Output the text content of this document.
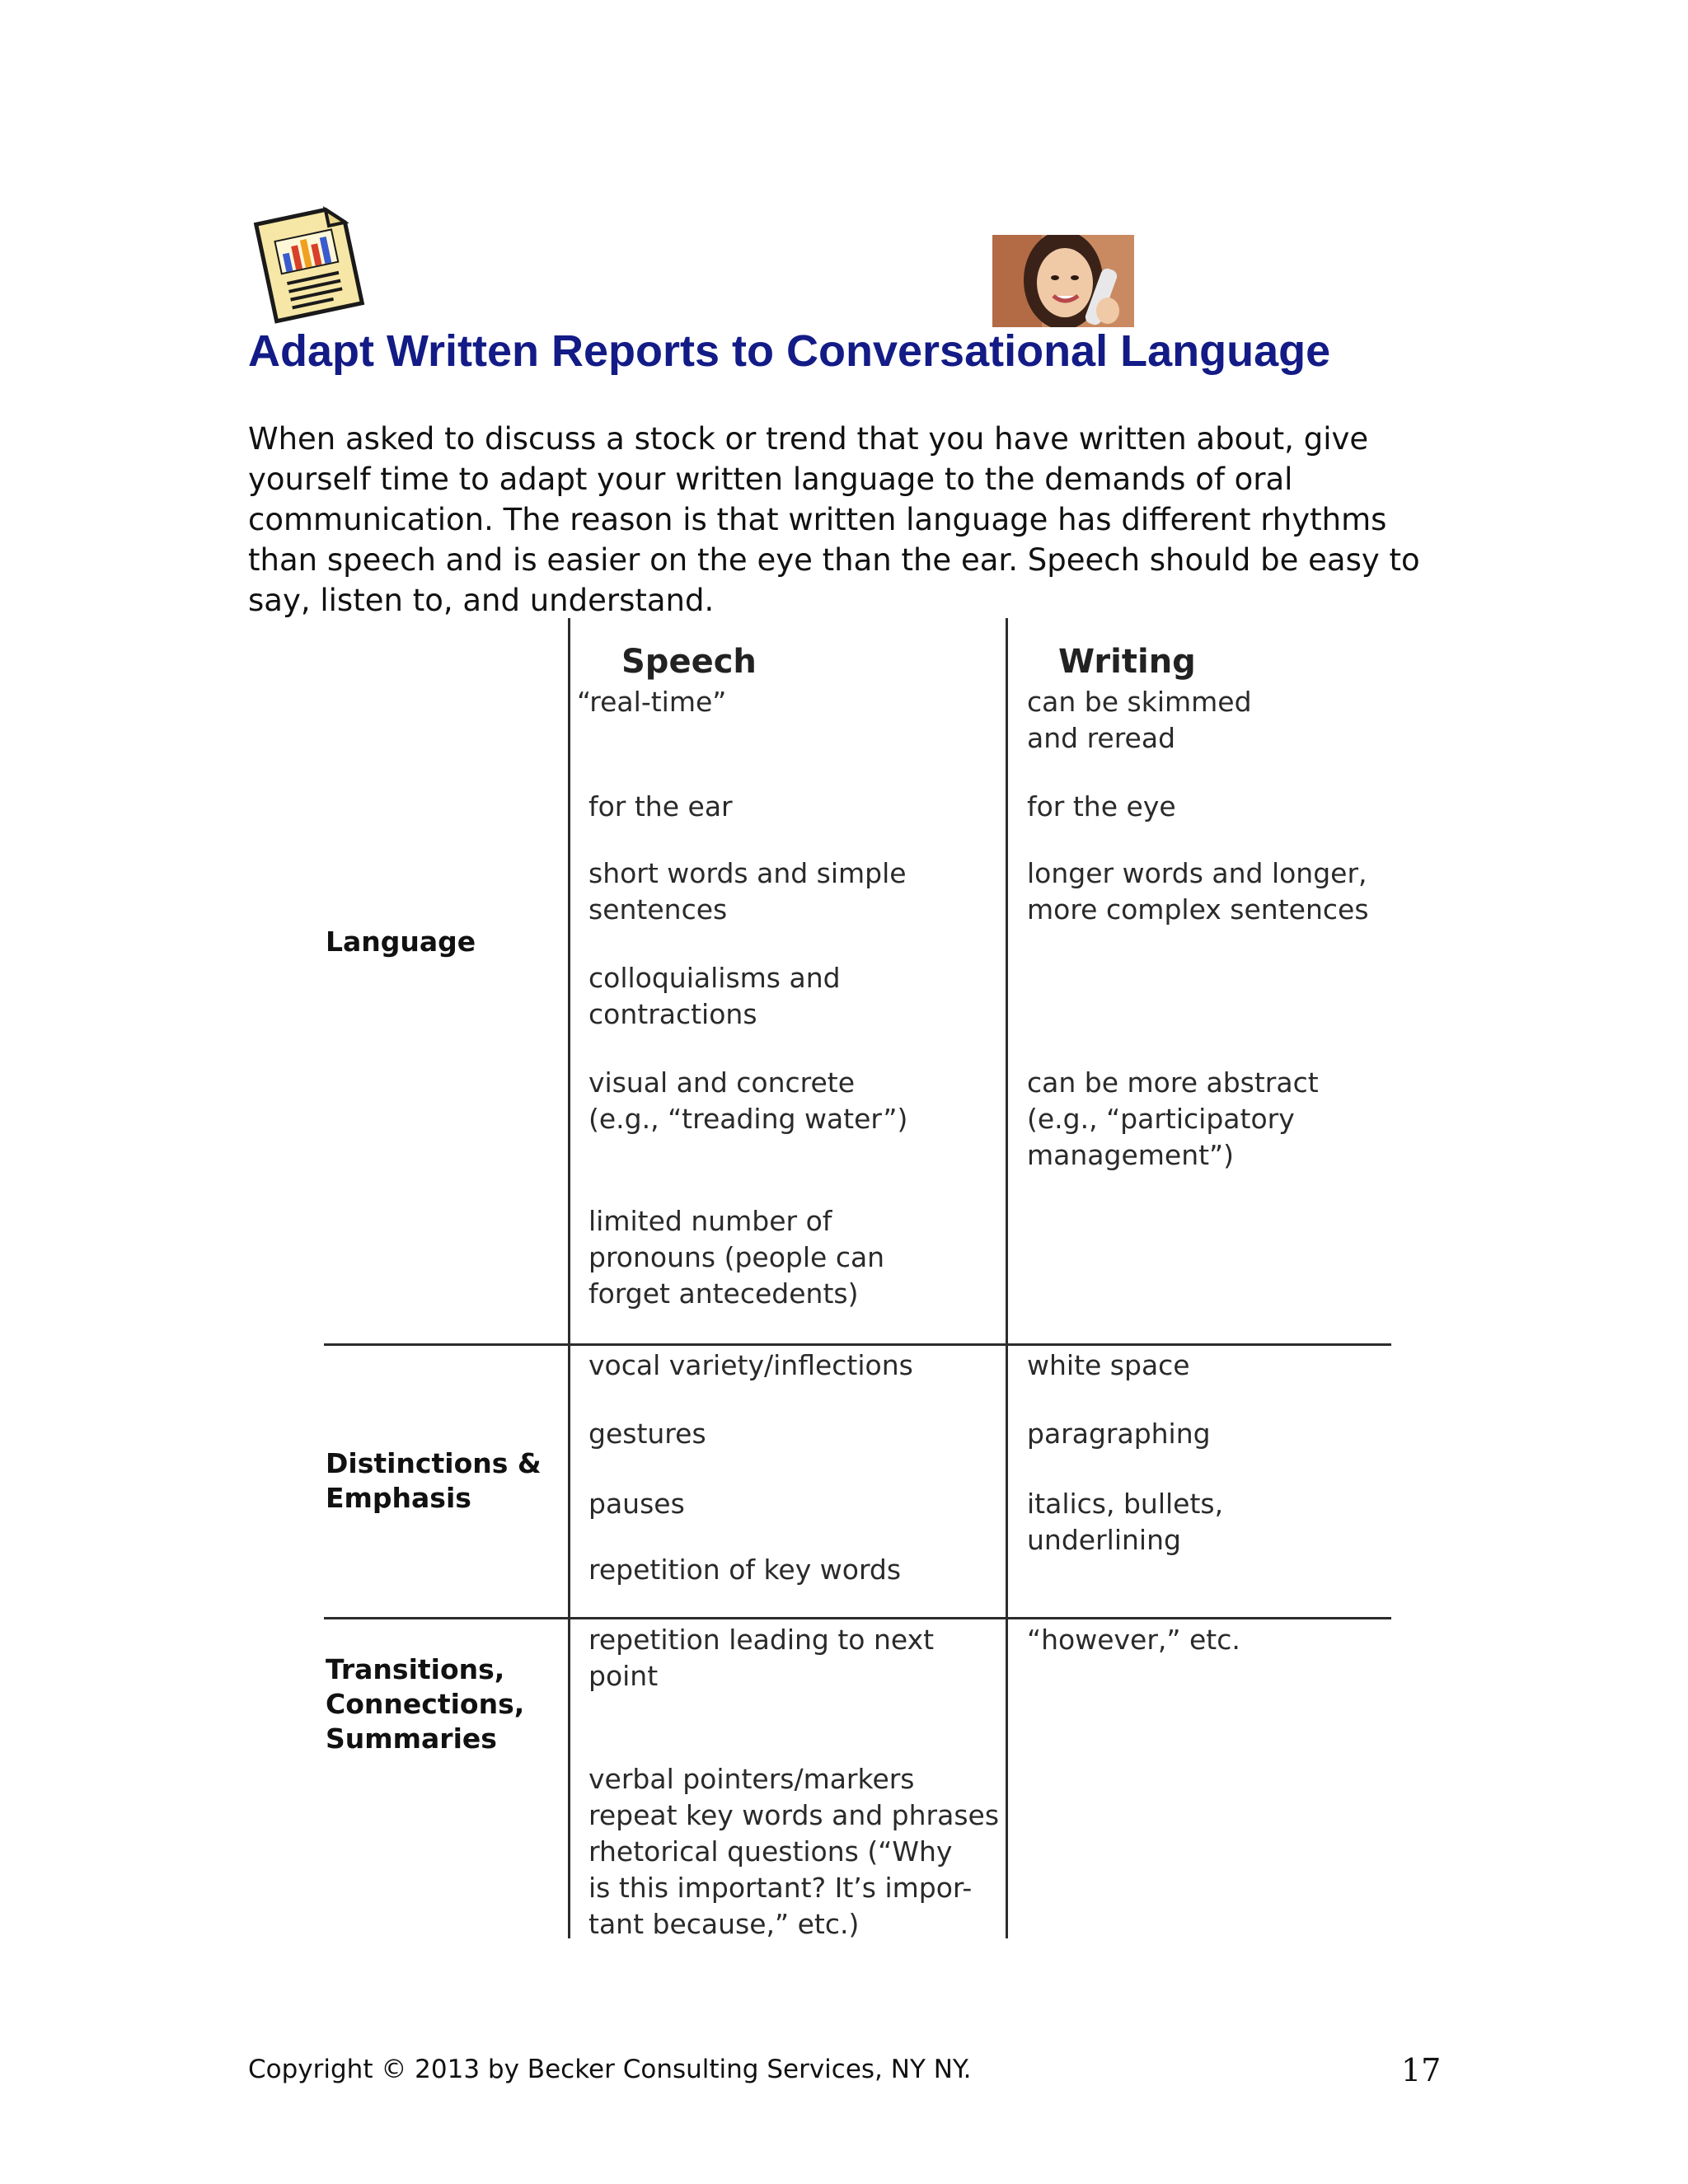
Adapt Written Reports to Conversational Language

When asked to discuss a stock or trend that you have written about, give yourself time to adapt your written language to the demands of oral communication. The reason is that written language has different rhythms than speech and is easier on the eye than the ear. Speech should be easy to say, listen to, and understand.

Speech	Writing
Language
Distinctions &
Emphasis
Transitions,
Connections,
Summaries
“real-time”
for the ear
short words and simple
sentences
colloquialisms and
contractions
visual and concrete
(e.g., “treading water”)
limited number of
pronouns (people can
forget antecedents)
can be skimmed
and reread
for the eye
longer words and longer,
more complex sentences
can be more abstract
(e.g., “participatory
management”)
vocal variety/inflections
gestures
pauses
repetition of key words
white space
paragraphing
italics, bullets, underlining
repetition leading to next
point
verbal pointers/markers
repeat key words and phrases
rhetorical questions (“Why
is this important? It’s impor-
tant because,” etc.)
“however,” etc.

Copyright © 2013 by Becker Consulting Services, NY NY.	17
